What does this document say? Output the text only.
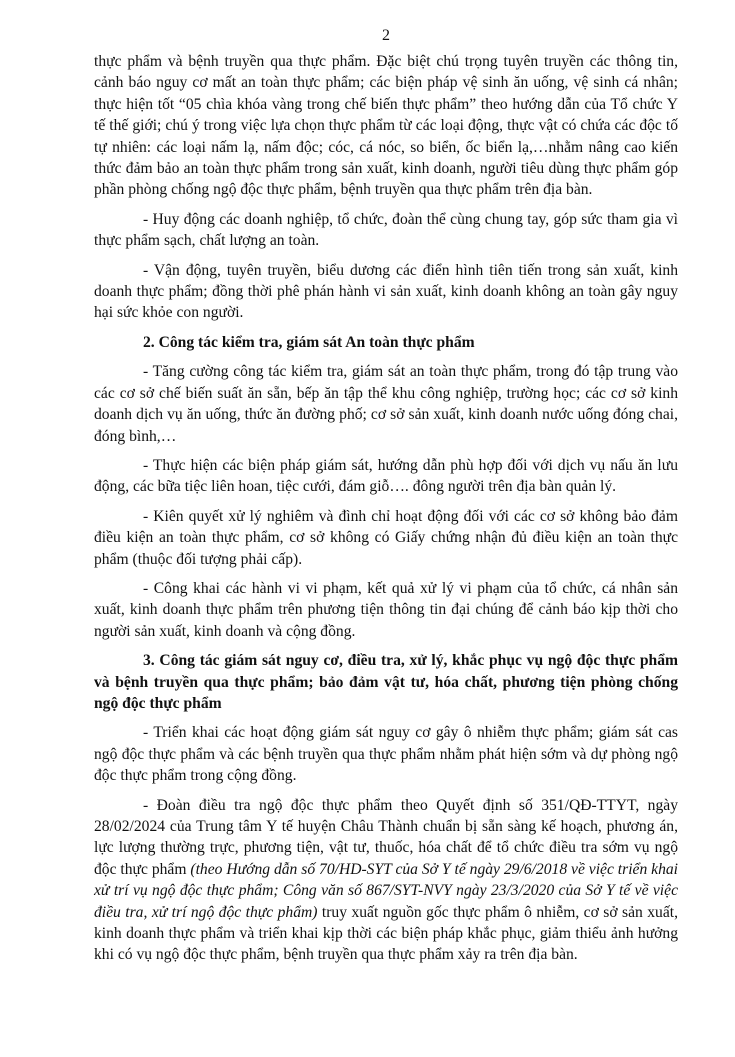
2

thực phẩm và bệnh truyền qua thực phẩm. Đặc biệt chú trọng tuyên truyền các thông tin, cảnh báo nguy cơ mất an toàn thực phẩm; các biện pháp vệ sinh ăn uống, vệ sinh cá nhân; thực hiện tốt “05 chìa khóa vàng trong chế biến thực phẩm” theo hướng dẫn của Tổ chức Y tế thế giới; chú ý trong việc lựa chọn thực phẩm từ các loại động, thực vật có chứa các độc tố tự nhiên: các loại nấm lạ, nấm độc; cóc, cá nóc, so biển, ốc biển lạ,…nhằm nâng cao kiến thức đảm bảo an toàn thực phẩm trong sản xuất, kinh doanh, người tiêu dùng thực phẩm góp phần phòng chống ngộ độc thực phẩm, bệnh truyền qua thực phẩm trên địa bàn.

- Huy động các doanh nghiệp, tổ chức, đoàn thể cùng chung tay, góp sức tham gia vì thực phẩm sạch, chất lượng an toàn.

- Vận động, tuyên truyền, biểu dương các điển hình tiên tiến trong sản xuất, kinh doanh thực phẩm; đồng thời phê phán hành vi sản xuất, kinh doanh không an toàn gây nguy hại sức khỏe con người.

2. Công tác kiểm tra, giám sát An toàn thực phẩm

- Tăng cường công tác kiểm tra, giám sát an toàn thực phẩm, trong đó tập trung vào các cơ sở chế biến suất ăn sẵn, bếp ăn tập thể khu công nghiệp, trường học; các cơ sở kinh doanh dịch vụ ăn uống, thức ăn đường phố; cơ sở sản xuất, kinh doanh nước uống đóng chai, đóng bình,…

- Thực hiện các biện pháp giám sát, hướng dẫn phù hợp đối với dịch vụ nấu ăn lưu động, các bữa tiệc liên hoan, tiệc cưới, đám giỗ…. đông người trên địa bàn quản lý.

- Kiên quyết xử lý nghiêm và đình chỉ hoạt động đối với các cơ sở không bảo đảm điều kiện an toàn thực phẩm, cơ sở không có Giấy chứng nhận đủ điều kiện an toàn thực phẩm (thuộc đối tượng phải cấp).

- Công khai các hành vi vi phạm, kết quả xử lý vi phạm của tổ chức, cá nhân sản xuất, kinh doanh thực phẩm trên phương tiện thông tin đại chúng để cảnh báo kịp thời cho người sản xuất, kinh doanh và cộng đồng.

3. Công tác giám sát nguy cơ, điều tra, xử lý, khắc phục vụ ngộ độc thực phẩm và bệnh truyền qua thực phẩm; bảo đảm vật tư, hóa chất, phương tiện phòng chống ngộ độc thực phẩm

- Triển khai các hoạt động giám sát nguy cơ gây ô nhiễm thực phẩm; giám sát cas ngộ độc thực phẩm và các bệnh truyền qua thực phẩm nhằm phát hiện sớm và dự phòng ngộ độc thực phẩm trong cộng đồng.

- Đoàn điều tra ngộ độc thực phẩm theo Quyết định số 351/QĐ-TTYT, ngày 28/02/2024 của Trung tâm Y tế huyện Châu Thành chuẩn bị sẵn sàng kế hoạch, phương án, lực lượng thường trực, phương tiện, vật tư, thuốc, hóa chất để tổ chức điều tra sớm vụ ngộ độc thực phẩm (theo Hướng dẫn số 70/HD-SYT của Sở Y tế ngày 29/6/2018 về việc triển khai xử trí vụ ngộ độc thực phẩm; Công văn số 867/SYT-NVY ngày 23/3/2020 của Sở Y tế về việc điều tra, xử trí ngộ độc thực phẩm) truy xuất nguồn gốc thực phẩm ô nhiễm, cơ sở sản xuất, kinh doanh thực phẩm và triển khai kịp thời các biện pháp khắc phục, giảm thiểu ảnh hưởng khi có vụ ngộ độc thực phẩm, bệnh truyền qua thực phẩm xảy ra trên địa bàn.
